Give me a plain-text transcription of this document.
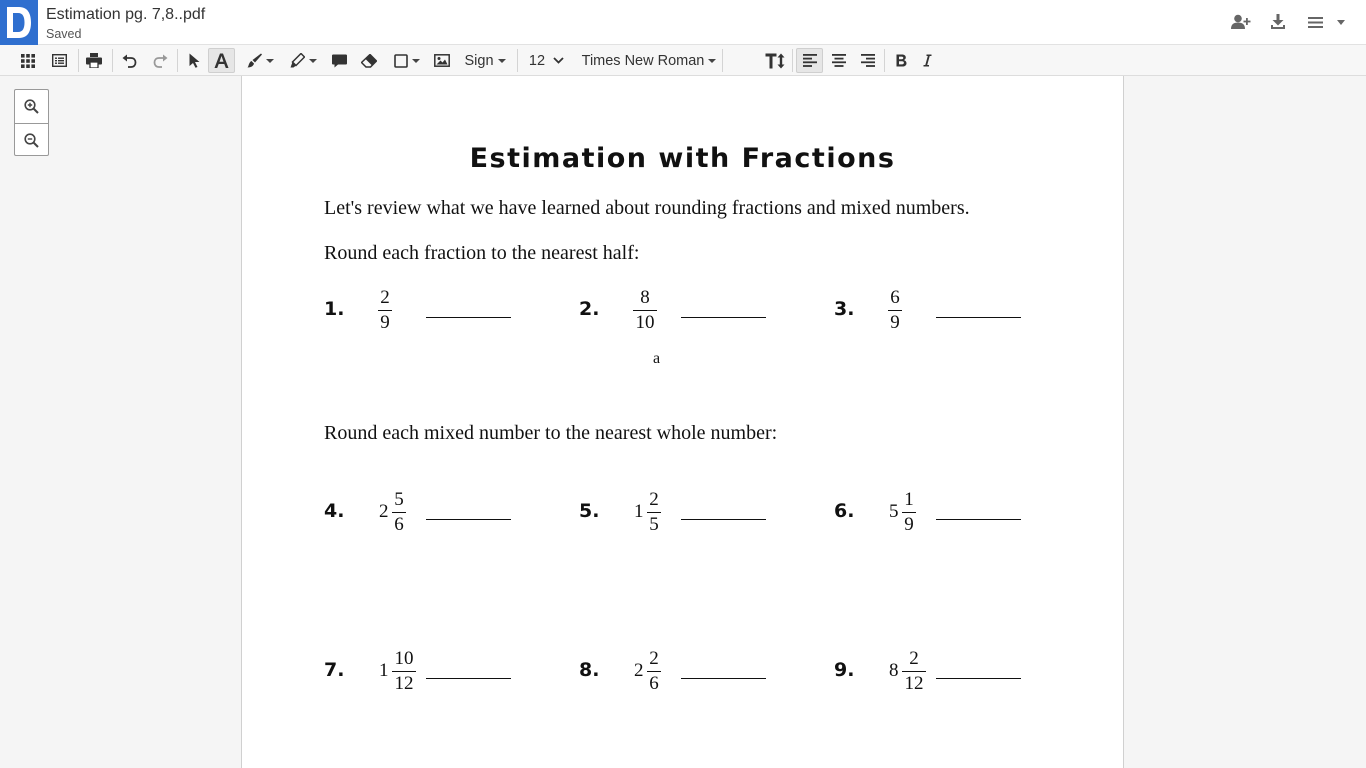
Estimation pg. 7,8..pdf
Saved
Sign 12	Times New Roman
Estimation with Fractions
Let's review what we have learned about rounding fractions and mixed numbers.
Round each fraction to the nearest half:
Round each mixed number to the nearest whole number:
a
1.
2
9
2.
8
10
3.
6
9
4. 2
5
6
5. 1
2
5
6. 5
1
9
7. 1
10
12
8. 2
2
6
9. 8
2
12
